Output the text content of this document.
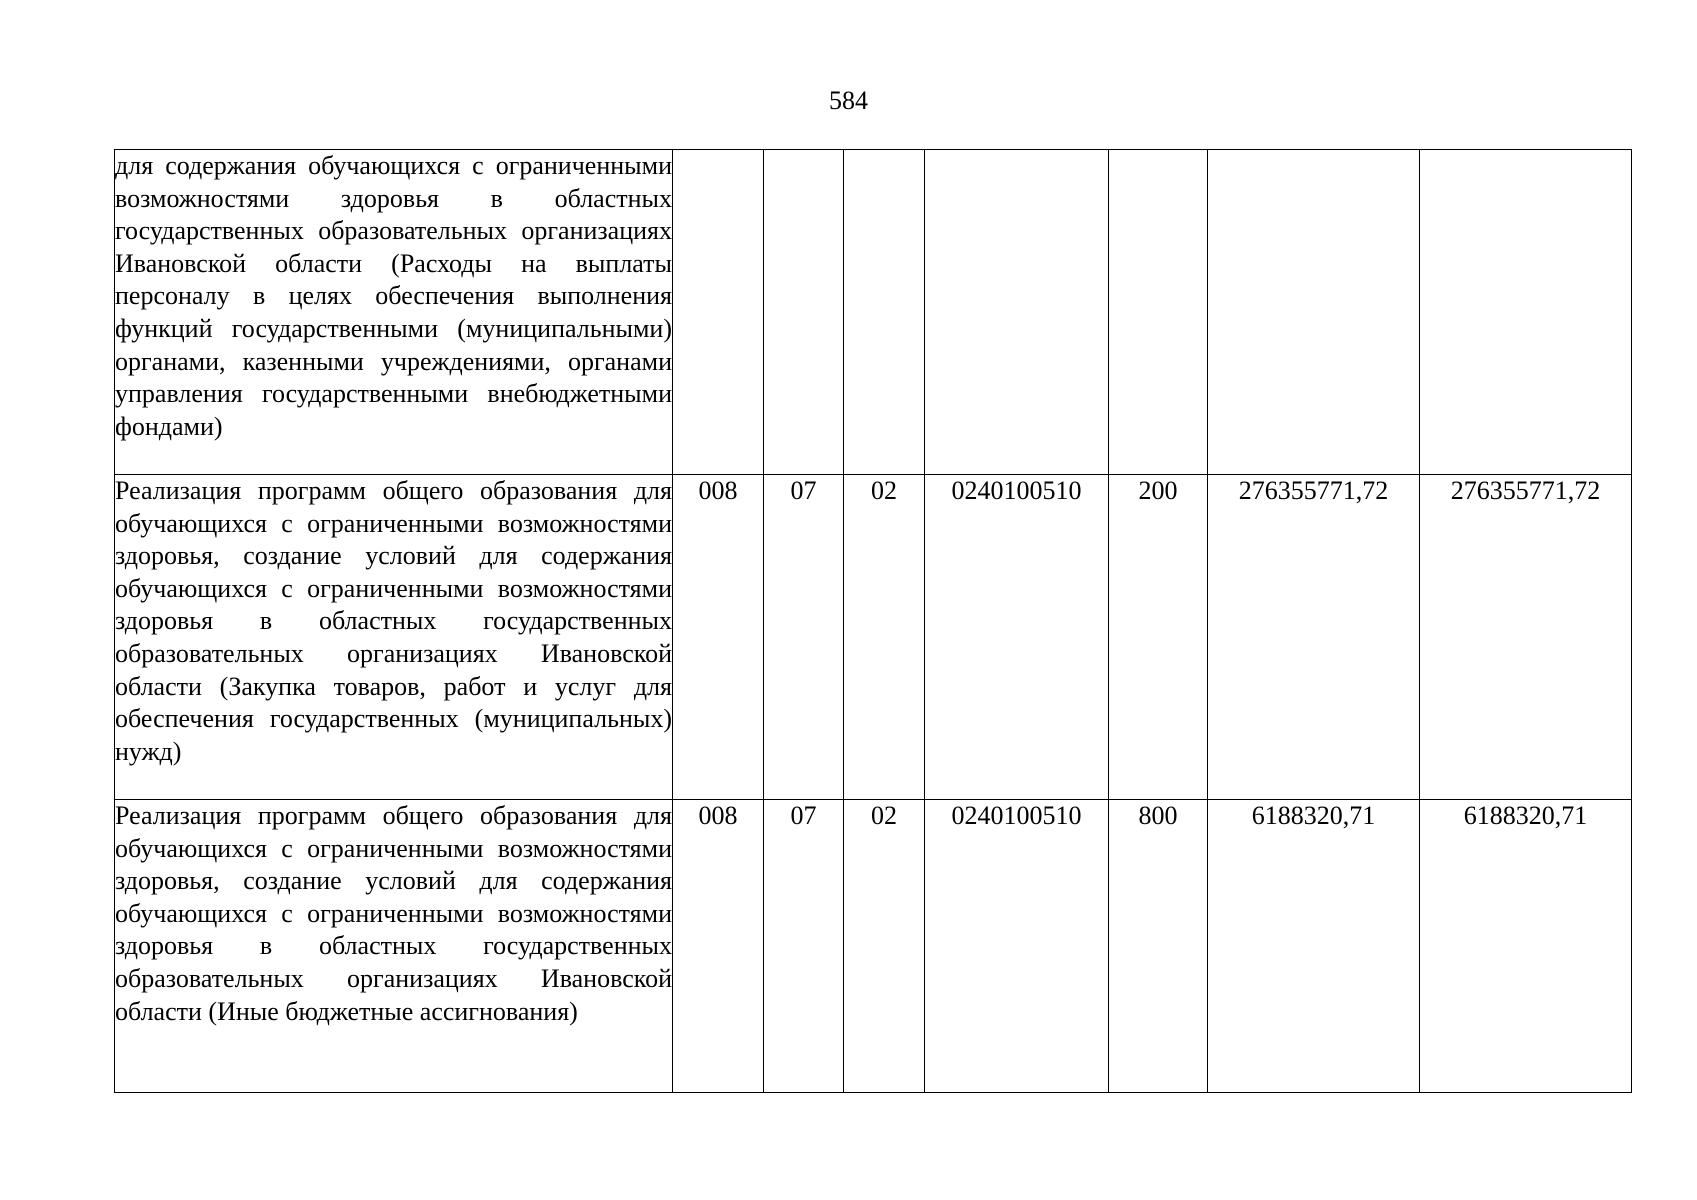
584
для содержания обучающихся с ограниченными возможностями здоровья в областных государственных образовательных организациях Ивановской области (Расходы на выплаты персоналу в целях обеспечения выполнения функций государственными (муниципальными) органами, казенными учреждениями, органами управления государственными внебюджетными фондами)							
Реализация программ общего образования для обучающихся с ограниченными возможностями здоровья, создание условий для содержания обучающихся с ограниченными возможностями здоровья в областных государственных образовательных организациях Ивановской области (Закупка товаров, работ и услуг для обеспечения государственных (муниципальных) нужд)	008	07	02	0240100510	200	276355771,72	276355771,72
Реализация программ общего образования для обучающихся с ограниченными возможностями здоровья, создание условий для содержания обучающихся с ограниченными возможностями здоровья в областных государственных образовательных организациях Ивановской области (Иные бюджетные ассигнования)	008	07	02	0240100510	800	6188320,71	6188320,71
